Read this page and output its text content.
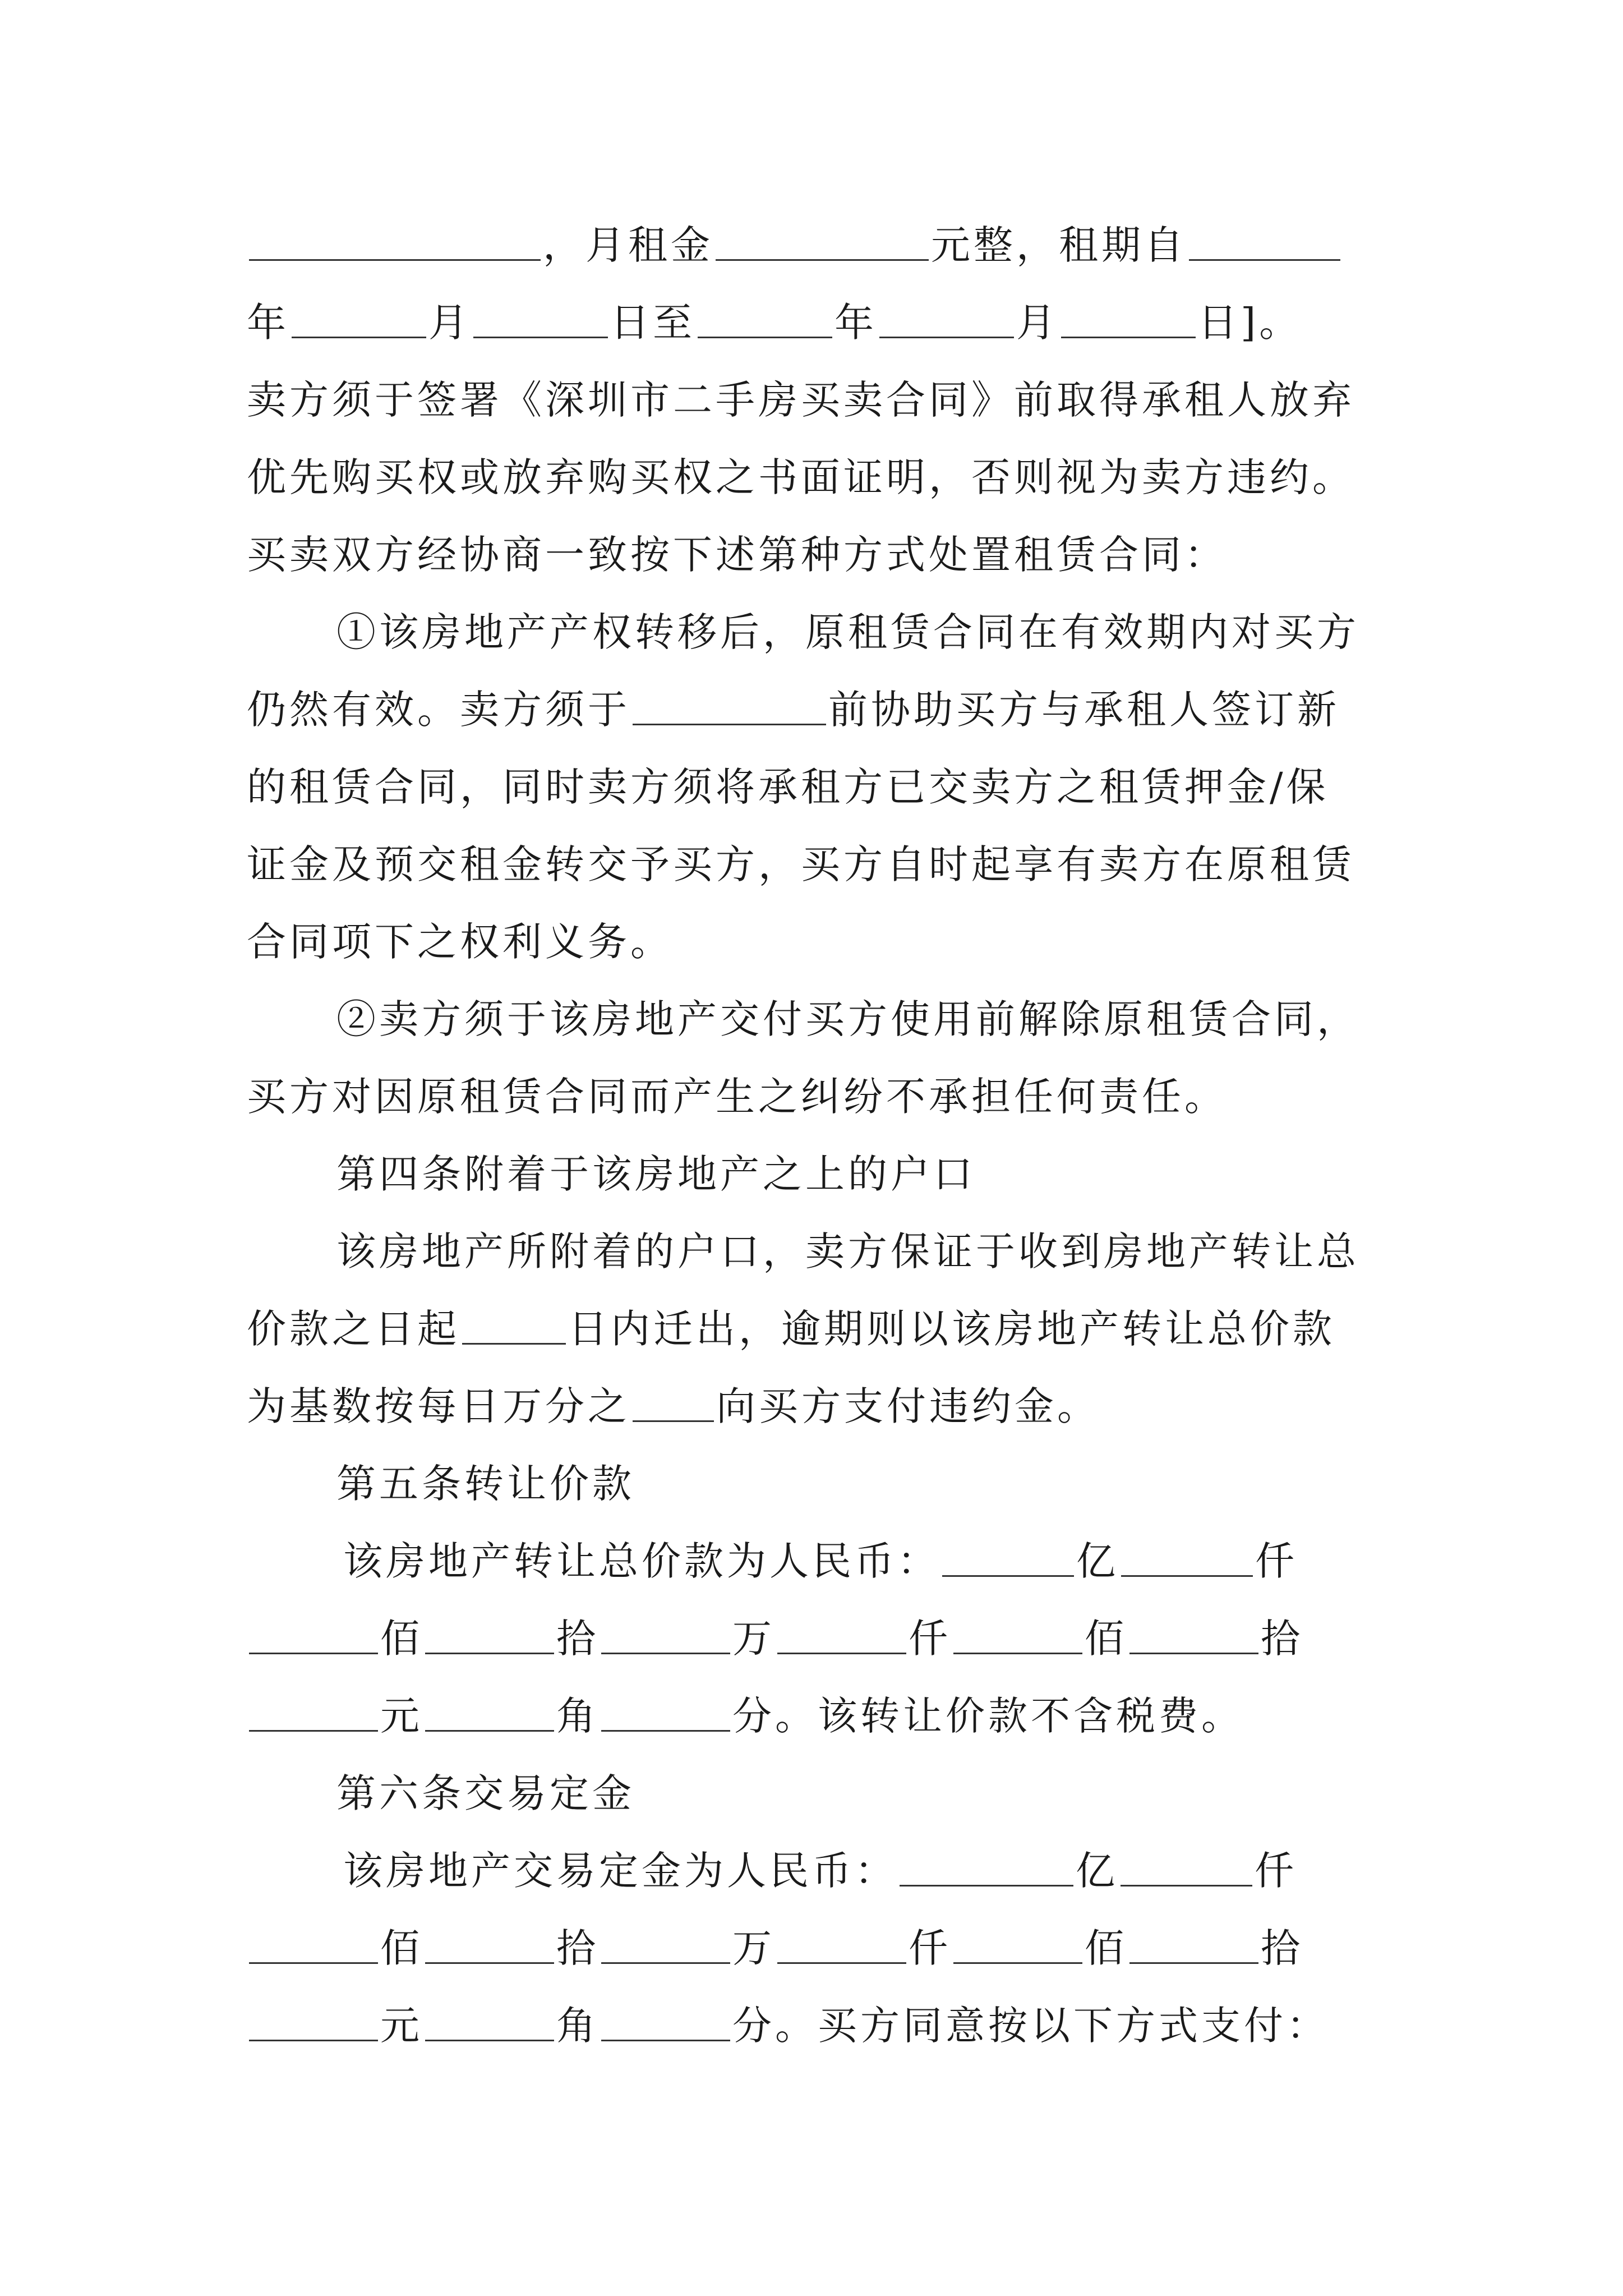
，月租金	元整，租期自
年	月	日至	年	月	日]。
卖方须于签署《深圳市二手房买卖合同》前取得承租人放弃
优先购买权或放弃购买权之书面证明，否则视为卖方违约。
买卖双方经协商一致按下述第种方式处置租赁合同：
①该房地产产权转移后，原租赁合同在有效期内对买方
仍然有效。卖方须于	前协助买方与承租人签订新
的租赁合同，同时卖方须将承租方已交卖方之租赁押金/保
证金及预交租金转交予买方，买方自时起享有卖方在原租赁
合同项下之权利义务。
②卖方须于该房地产交付买方使用前解除原租赁合同，
买方对因原租赁合同而产生之纠纷不承担任何责任。
第四条附着于该房地产之上的户口
该房地产所附着的户口，卖方保证于收到房地产转让总
价款之日起	日内迁出，逾期则以该房地产转让总价款
为基数按每日万分之 向买方支付违约金。
第五条转让价款
该房地产转让总价款为人民币：	亿	仟
佰	拾	万	仟	佰	拾
元	角	分。该转让价款不含税费。
第六条交易定金
该房地产交易定金为人民币：	亿	仟
佰	拾	万	仟	佰	拾
元	角	分。买方同意按以下方式支付：
